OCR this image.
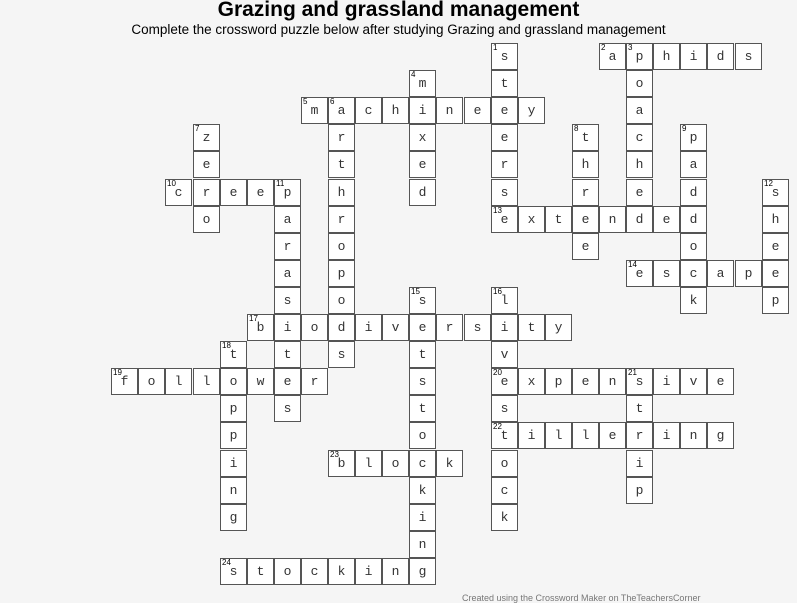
Grazing and grassland management
Complete the crossword puzzle below after studying Grazing and grassland management
1
s
t
e
e
r
s
2
a
3
p	h	i	d	s
o
a
c
h
e
d
4
m
i
x
e
d
5
m
6
a	c	h	n	e	y
r
t
h
r
o
p
o
d
s
7
z
e
r
o
8
t
h
r
e
e
9
p
a
d
d
o
c
k
10
c	e	e
11
p
a
r
a
s
i
t
e
s
12
s
h
e
e
p
13
e	x	t	n	e
14
e	s	a	p
15
s
e
t
s
t
o
c
k
i
n
g
16
l
i
v
20
e
s
22
t
o
c
k
17
b	o	i	v	r	s	t	y
18
t
o
p
p
i
n
g
19
f	o	l	l	w	r	x	p	e	n
21
s	i	v	e
t
r
i
p
i	l	l	e	i	n	g
23
b	l	o	k
24
s	t	o	c	k	i	n
Created using the Crossword Maker on TheTeachersCorner
